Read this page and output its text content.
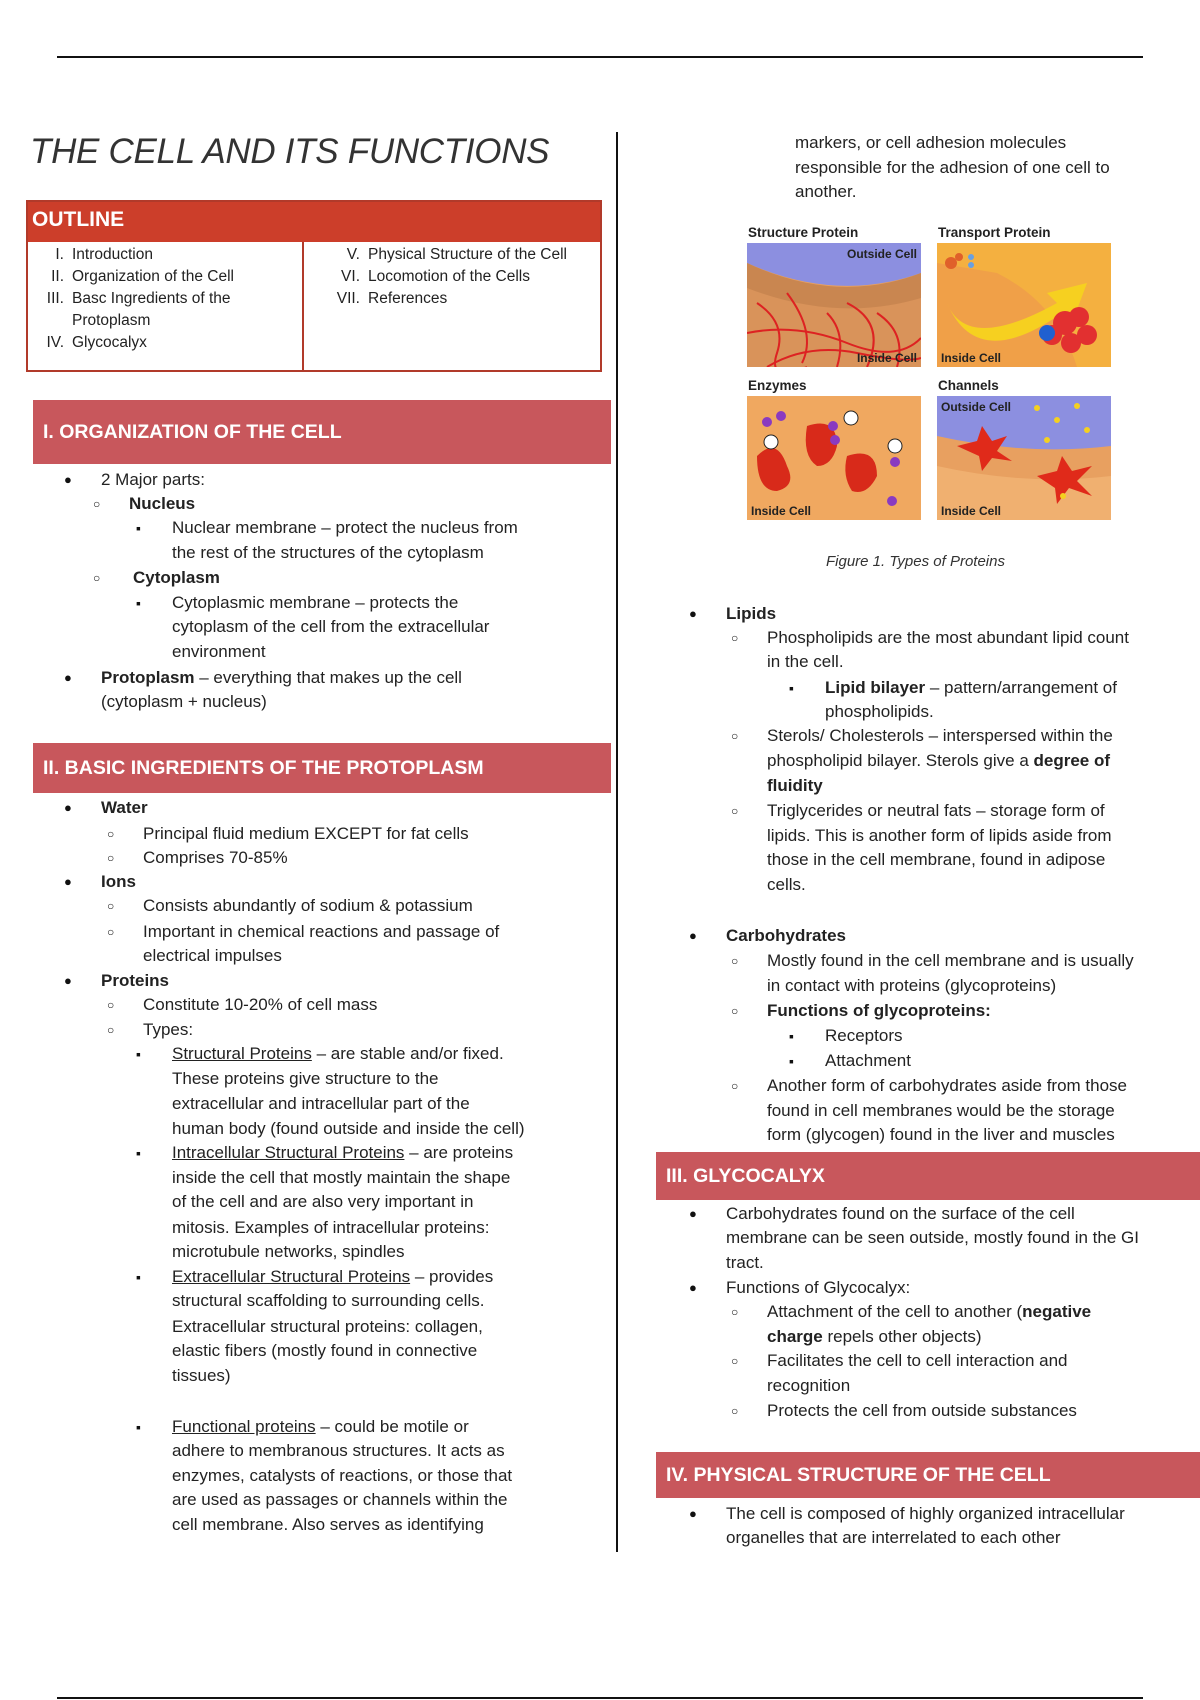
THE CELL AND ITS FUNCTIONS
OUTLINE
I. Introduction
II. Organization of the Cell
III. Basc Ingredients of the
Protoplasm
IV. Glycocalyx
V. Physical Structure of the Cell
VI. Locomotion of the Cells
VII. References
I. ORGANIZATION OF THE CELL
●
2 Major parts:
○
Nucleus
▪
Nuclear membrane – protect the nucleus from
the rest of the structures of the cytoplasm
○
Cytoplasm
▪
Cytoplasmic membrane – protects the
cytoplasm of the cell from the extracellular
environment
●
Protoplasm – everything that makes up the cell
(cytoplasm + nucleus)
II. BASIC INGREDIENTS OF THE PROTOPLASM
●
Water
○
Principal fluid medium EXCEPT for fat cells
○
Comprises 70-85%
●
Ions
○
Consists abundantly of sodium & potassium
○
Important in chemical reactions and passage of
electrical impulses
●
Proteins
○
Constitute 10-20% of cell mass
○
Types:
▪
Structural Proteins – are stable and/or fixed.
These proteins give structure to the
extracellular and intracellular part of the
human body (found outside and inside the cell)
▪
Intracellular Structural Proteins – are proteins
inside the cell that mostly maintain the shape
of the cell and are also very important in
mitosis. Examples of intracellular proteins:
microtubule networks, spindles
▪
Extracellular Structural Proteins – provides
structural scaffolding to surrounding cells.
Extracellular structural proteins: collagen,
elastic fibers (mostly found in connective
tissues)
▪
Functional proteins – could be motile or
adhere to membranous structures. It acts as
enzymes, catalysts of reactions, or those that
are used as passages or channels within the
cell membrane. Also serves as identifying
markers, or cell adhesion molecules
responsible for the adhesion of one cell to
another.
Structure Protein	Transport Protein
Enzymes	Channels
Outside Cell
Inside Cell Inside Cell
Inside Cell
Outside Cell
Inside Cell
Figure 1. Types of Proteins
●
Lipids
○
Phospholipids are the most abundant lipid count
in the cell.
▪
Lipid bilayer – pattern/arrangement of
phospholipids.
○
Sterols/ Cholesterols – interspersed within the
phospholipid bilayer. Sterols give a degree of
fluidity
○
Triglycerides or neutral fats – storage form of
lipids. This is another form of lipids aside from
those in the cell membrane, found in adipose
cells.
●
Carbohydrates
○
Mostly found in the cell membrane and is usually
in contact with proteins (glycoproteins)
○
Functions of glycoproteins:
▪
Receptors
▪
Attachment
○
Another form of carbohydrates aside from those
found in cell membranes would be the storage
form (glycogen) found in the liver and muscles
III. GLYCOCALYX
●
Carbohydrates found on the surface of the cell
membrane can be seen outside, mostly found in the GI
tract.
●
Functions of Glycocalyx:
○
Attachment of the cell to another (negative
charge repels other objects)
○
Facilitates the cell to cell interaction and
recognition
○
Protects the cell from outside substances
IV. PHYSICAL STRUCTURE OF THE CELL
●
The cell is composed of highly organized intracellular
organelles that are interrelated to each other
